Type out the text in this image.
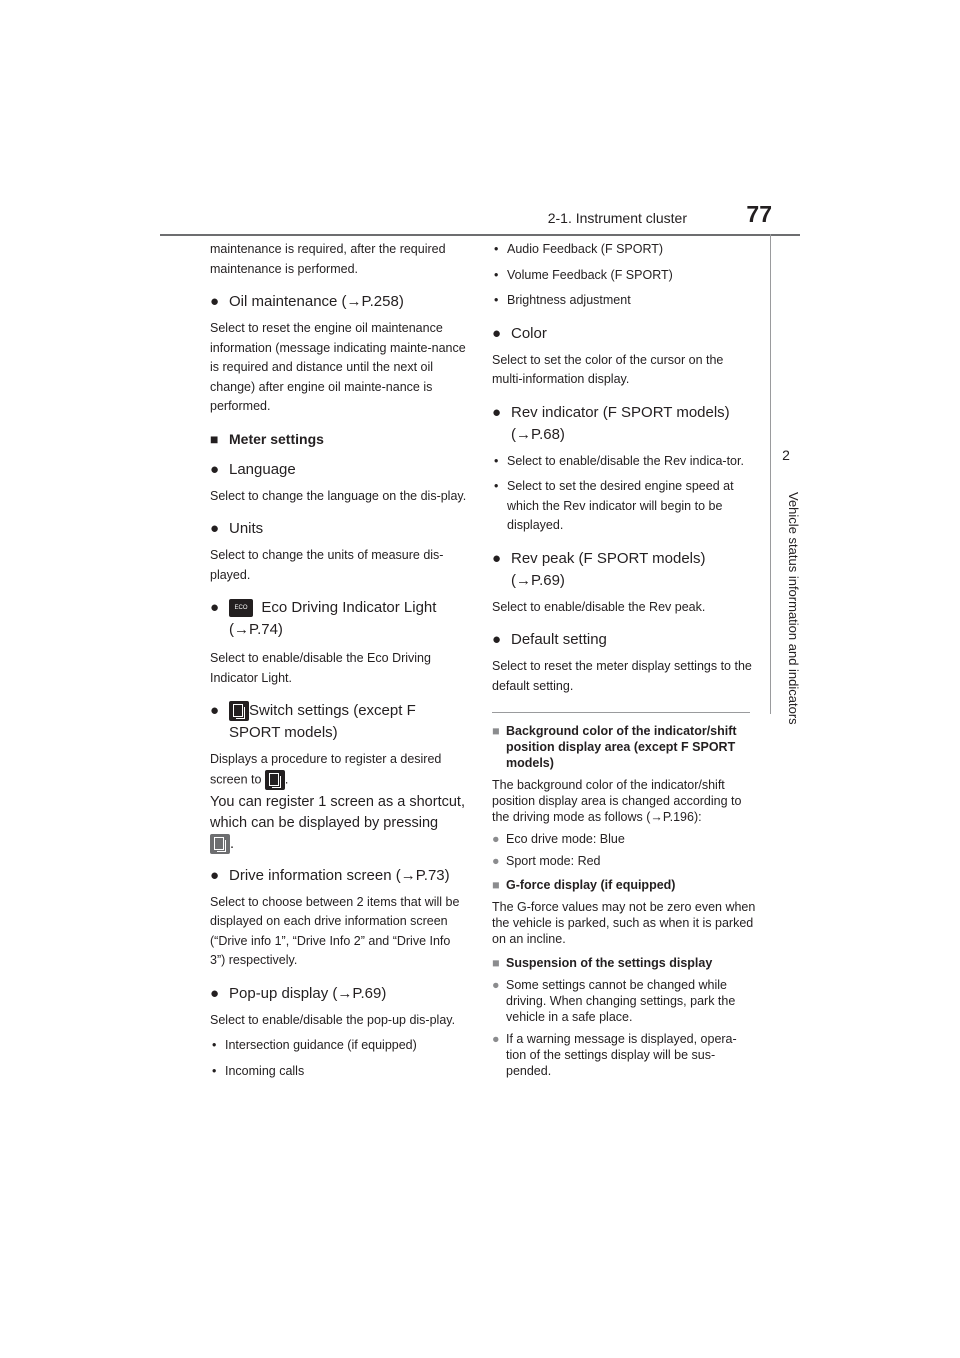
2-1. Instrument cluster	77
2
Vehicle status information and indicators

maintenance is required, after the required maintenance is performed.

● Oil maintenance (→P.258)

Select to reset the engine oil maintenance information (message indicating mainte-nance is required and distance until the next oil change) after engine oil mainte-nance is performed.

■ Meter settings
● Language

Select to change the language on the dis-play.

● Units

Select to change the units of measure dis-played.

●	ECO Eco Driving Indicator Light
(→P.74)

Select to enable/disable the Eco Driving Indicator Light.

● Switch settings (except F
SPORT models)

Displays a procedure to register a desired
screen to .

You can register 1 screen as a shortcut, which can be displayed by pressing
.

● Drive information screen (→P.73)

Select to choose between 2 items that will be displayed on each drive information screen (“Drive info 1”, “Drive Info 2” and “Drive Info 3”) respectively.

● Pop-up display (→P.69)

Select to enable/disable the pop-up dis-play.

• Intersection guidance (if equipped)
• Incoming calls
• Audio Feedback (F SPORT)
• Volume Feedback (F SPORT)
• Brightness adjustment
● Color

Select to set the color of the cursor on the multi-information display.

● Rev indicator (F SPORT models)
(→P.68)
• Select to enable/disable the Rev indica-tor.
• Select to set the desired engine speed at which the Rev indicator will begin to be displayed.
● Rev peak (F SPORT models)
(→P.69)

Select to enable/disable the Rev peak.

● Default setting

Select to reset the meter display settings to the default setting.

■ Background color of the indicator/shift position display area (except F SPORT models)

The background color of the indicator/shift position display area is changed according to the driving mode as follows (→P.196):

● Eco drive mode: Blue
● Sport mode: Red
■ G-force display (if equipped)

The G-force values may not be zero even when the vehicle is parked, such as when it is parked on an incline.

■ Suspension of the settings display
● Some settings cannot be changed while driving. When changing settings, park the vehicle in a safe place.
● If a warning message is displayed, opera-tion of the settings display will be sus-pended.
